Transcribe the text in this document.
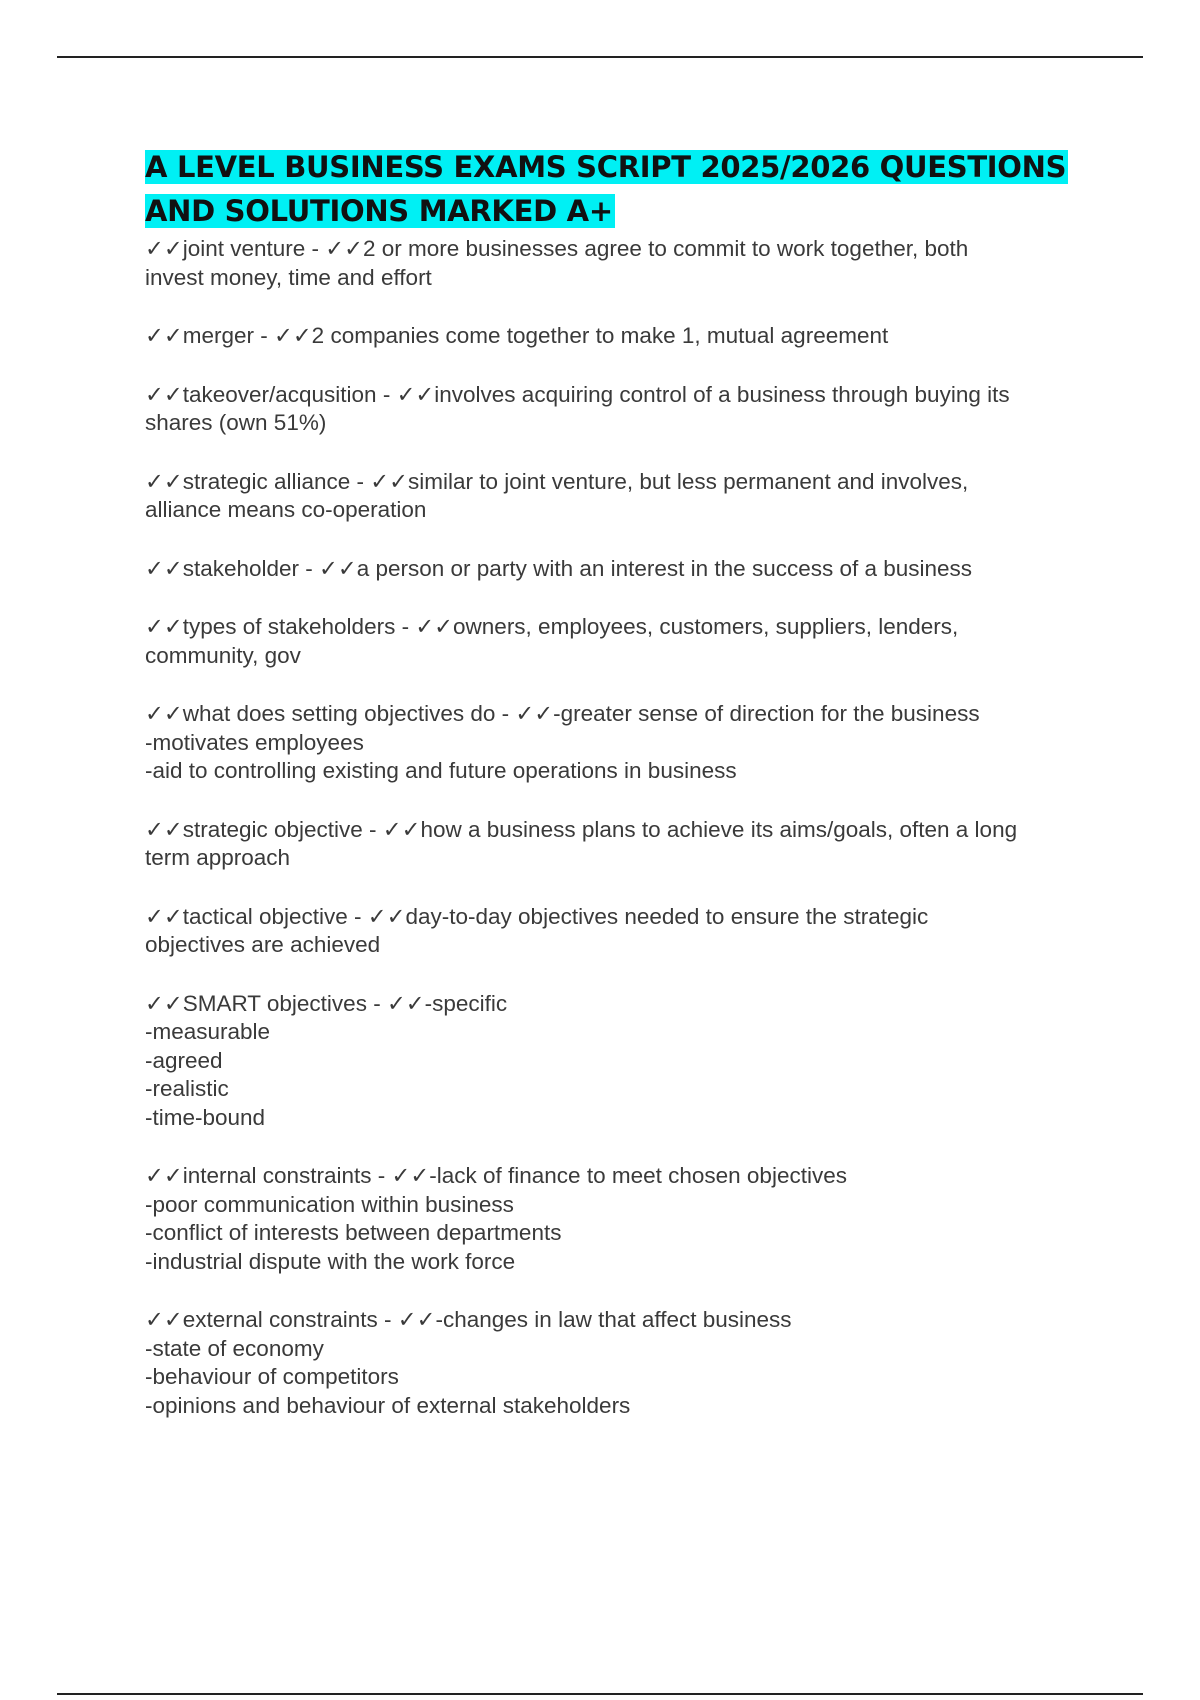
A LEVEL BUSINESS EXAMS SCRIPT 2025/2026 QUESTIONS
AND SOLUTIONS MARKED A+
✓✓joint venture - ✓✓2 or more businesses agree to commit to work together, both
invest money, time and effort
✓✓merger - ✓✓2 companies come together to make 1, mutual agreement
✓✓takeover/acqusition - ✓✓involves acquiring control of a business through buying its
shares (own 51%)
✓✓strategic alliance - ✓✓similar to joint venture, but less permanent and involves,
alliance means co-operation
✓✓stakeholder - ✓✓a person or party with an interest in the success of a business
✓✓types of stakeholders - ✓✓owners, employees, customers, suppliers, lenders,
community, gov
✓✓what does setting objectives do - ✓✓-greater sense of direction for the business
-motivates employees
-aid to controlling existing and future operations in business
✓✓strategic objective - ✓✓how a business plans to achieve its aims/goals, often a long
term approach
✓✓tactical objective - ✓✓day-to-day objectives needed to ensure the strategic
objectives are achieved
✓✓SMART objectives - ✓✓-specific
-measurable
-agreed
-realistic
-time-bound
✓✓internal constraints - ✓✓-lack of finance to meet chosen objectives
-poor communication within business
-conflict of interests between departments
-industrial dispute with the work force
✓✓external constraints - ✓✓-changes in law that affect business
-state of economy
-behaviour of competitors
-opinions and behaviour of external stakeholders
